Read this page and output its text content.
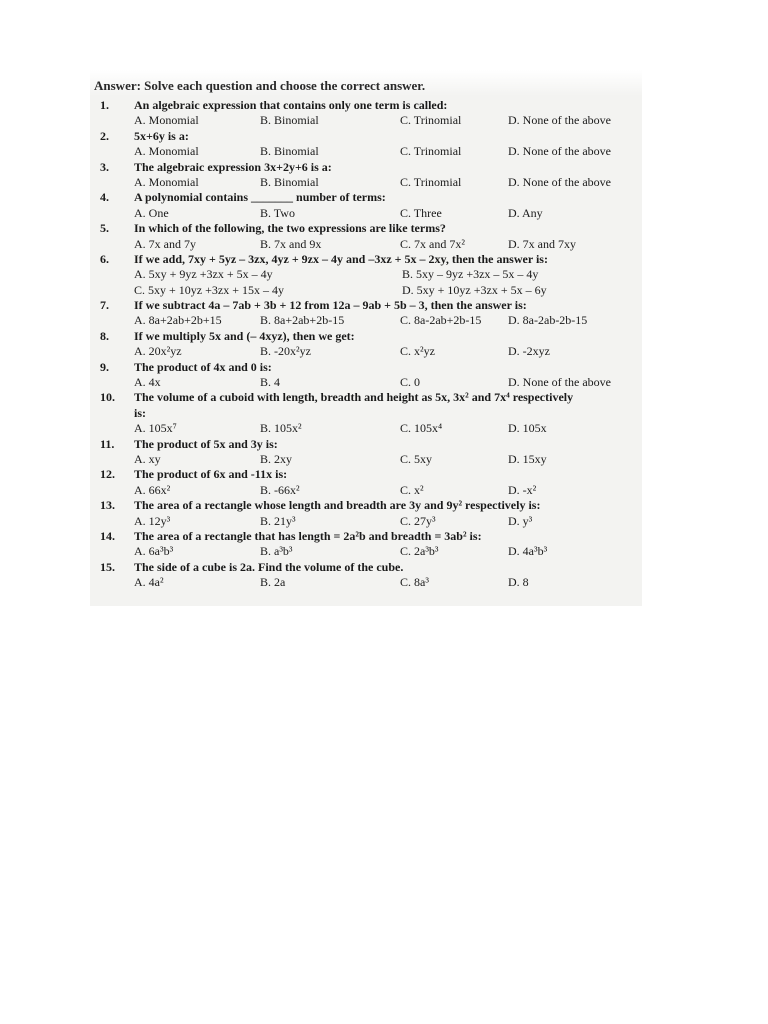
Answer: Solve each question and choose the correct answer.
1.	An algebraic expression that contains only one term is called:
A. Monomial	B. Binomial	C. Trinomial	D. None of the above
2.	5x+6y is a:
A. Monomial	B. Binomial	C. Trinomial	D. None of the above
3.	The algebraic expression 3x+2y+6 is a:
A. Monomial	B. Binomial	C. Trinomial	D. None of the above
4.	A polynomial contains _______ number of terms:
A. One	B. Two	C. Three	D. Any
5.	In which of the following, the two expressions are like terms?
A. 7x and 7y	B. 7x and 9x	C. 7x and 7x²	D. 7x and 7xy
6.	If we add, 7xy + 5yz – 3zx, 4yz + 9zx – 4y and –3xz + 5x – 2xy, then the answer is:
A. 5xy + 9yz +3zx + 5x – 4y	B. 5xy – 9yz +3zx – 5x – 4y
C. 5xy + 10yz +3zx + 15x – 4y	D. 5xy + 10yz +3zx + 5x – 6y
7.	If we subtract 4a – 7ab + 3b + 12 from 12a – 9ab + 5b – 3, then the answer is:
A. 8a+2ab+2b+15	B. 8a+2ab+2b-15	C. 8a-2ab+2b-15 D. 8a-2ab-2b-15
8.	If we multiply 5x and (– 4xyz), then we get:
A. 20x²yz	B. -20x²yz	C. x²yz	D. -2xyz
9.	The product of 4x and 0 is:
A. 4x	B. 4	C. 0	D. None of the above
10.	The volume of a cuboid with length, breadth and height as 5x, 3x² and 7x⁴ respectively
is:
A. 105x⁷	B. 105x²	C. 105x⁴	D. 105x
11.	The product of 5x and 3y is:
A. xy	B. 2xy	C. 5xy	D. 15xy
12.	The product of 6x and -11x is:
A. 66x²	B. -66x²	C. x²	D. -x²
13.	The area of a rectangle whose length and breadth are 3y and 9y² respectively is:
A. 12y³	B. 21y³	C. 27y³	D. y³
14.	The area of a rectangle that has length = 2a²b and breadth = 3ab² is:
A. 6a³b³	B. a³b³	C. 2a³b³	D. 4a³b³
15.	The side of a cube is 2a. Find the volume of the cube.
A. 4a²	B. 2a	C. 8a³	D. 8
